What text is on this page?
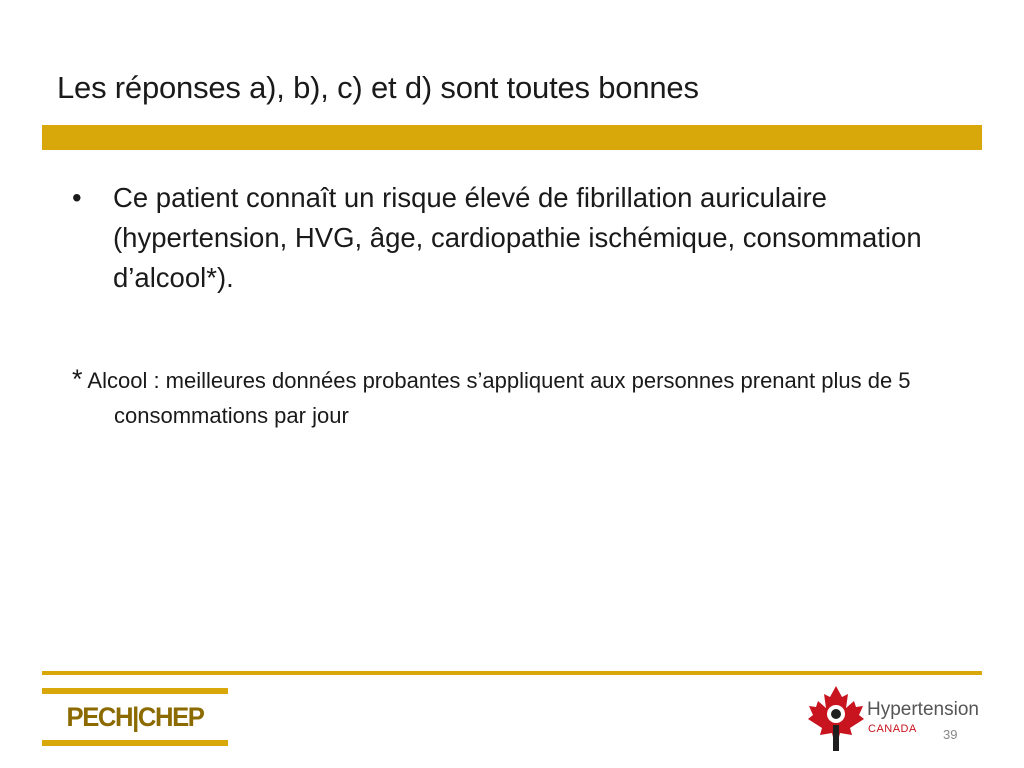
Les réponses a), b), c) et d) sont toutes bonnes
•	Ce patient connaît un risque élevé de fibrillation auriculaire (hypertension, HVG, âge, cardiopathie ischémique, consommation d’alcool*).
* Alcool : meilleures données probantes s’appliquent aux personnes prenant plus de 5 consommations par jour
PECH|CHEP	Hypertension
CANADA 39
